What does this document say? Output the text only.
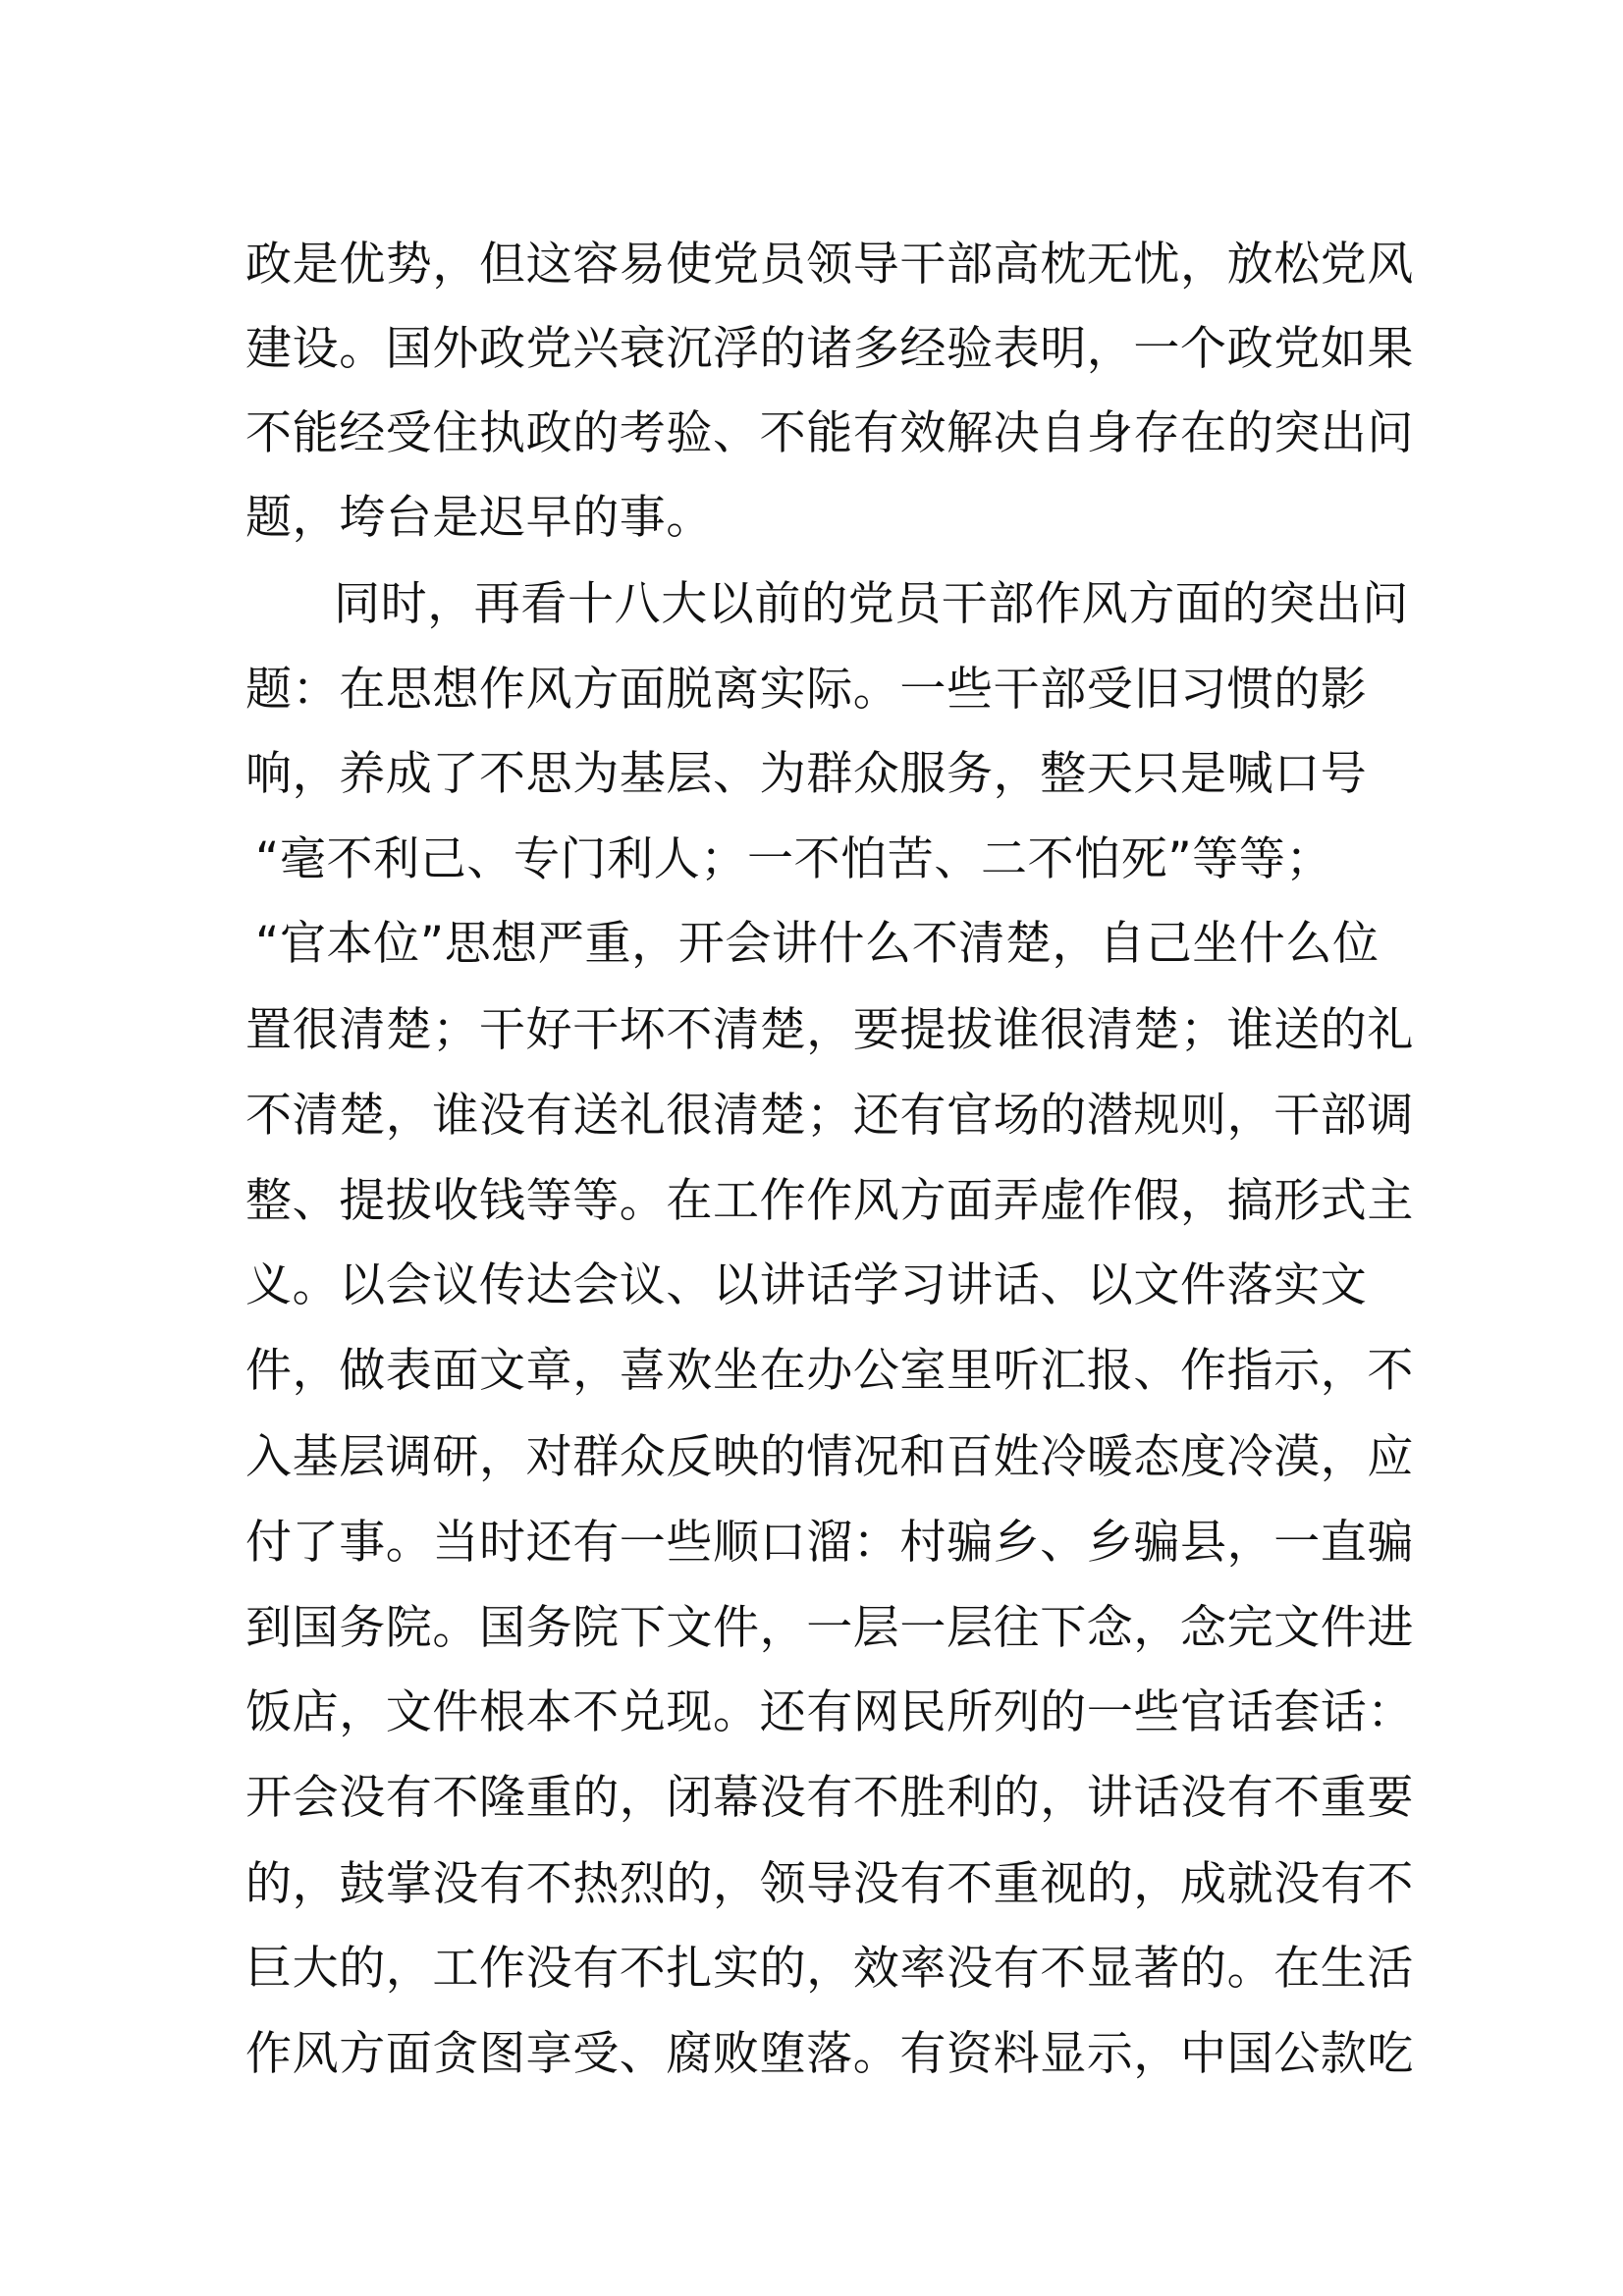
政是优势，但这容易使党员领导干部高枕无忧，放松党风
建设。国外政党兴衰沉浮的诸多经验表明，一个政党如果
不能经受住执政的考验、不能有效解决自身存在的突出问
题，垮台是迟早的事。
同时，再看十八大以前的党员干部作风方面的突出问
题：在思想作风方面脱离实际。一些干部受旧习惯的影
响，养成了不思为基层、为群众服务，整天只是喊口号
“毫不利己、专门利人；一不怕苦、二不怕死”等等；
“官本位”思想严重，开会讲什么不清楚，自己坐什么位
置很清楚；干好干坏不清楚，要提拔谁很清楚；谁送的礼
不清楚，谁没有送礼很清楚；还有官场的潜规则，干部调
整、提拔收钱等等。在工作作风方面弄虚作假，搞形式主
义。以会议传达会议、以讲话学习讲话、以文件落实文
件，做表面文章，喜欢坐在办公室里听汇报、作指示，不
入基层调研，对群众反映的情况和百姓冷暖态度冷漠，应
付了事。当时还有一些顺口溜：村骗乡、乡骗县，一直骗
到国务院。国务院下文件，一层一层往下念，念完文件进
饭店，文件根本不兑现。还有网民所列的一些官话套话：
开会没有不隆重的，闭幕没有不胜利的，讲话没有不重要
的，鼓掌没有不热烈的，领导没有不重视的，成就没有不
巨大的，工作没有不扎实的，效率没有不显著的。在生活
作风方面贪图享受、腐败堕落。有资料显示，中国公款吃
